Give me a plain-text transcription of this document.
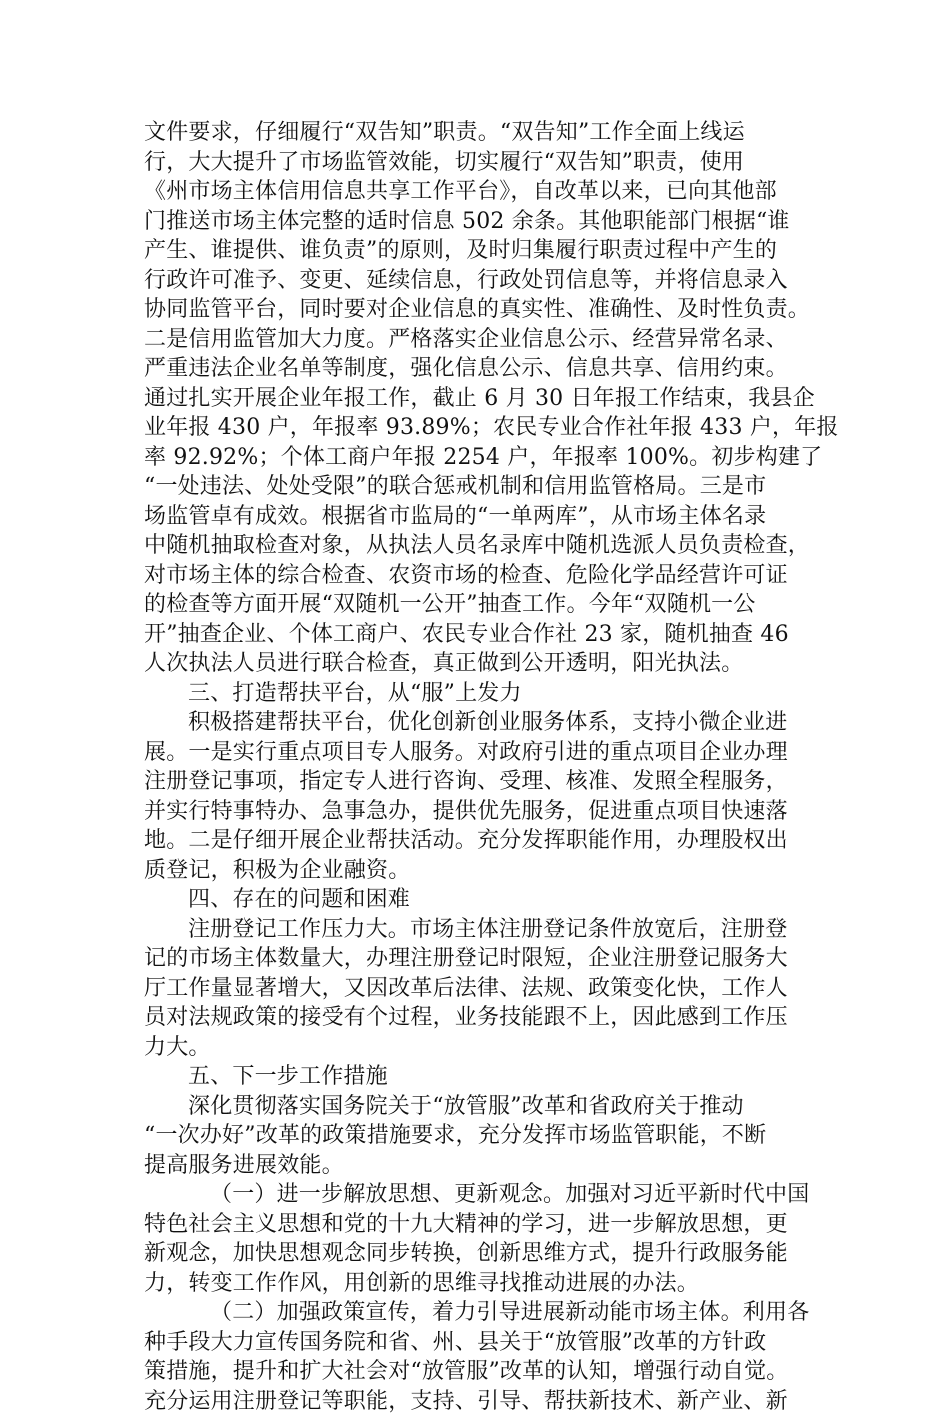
文件要求，仔细履行“双告知”职责。“双告知”工作全面上线运
行，大大提升了市场监管效能，切实履行“双告知”职责，使用
《州市场主体信用信息共享工作平台》，自改革以来，已向其他部
门推送市场主体完整的适时信息 502 余条。其他职能部门根据“谁
产生、谁提供、谁负责”的原则，及时归集履行职责过程中产生的
行政许可准予、变更、延续信息，行政处罚信息等，并将信息录入
协同监管平台，同时要对企业信息的真实性、准确性、及时性负责。
二是信用监管加大力度。严格落实企业信息公示、经营异常名录、
严重违法企业名单等制度，强化信息公示、信息共享、信用约束。
通过扎实开展企业年报工作，截止 6 月 30 日年报工作结束，我县企
业年报 430 户，年报率 93.89%；农民专业合作社年报 433 户，年报
率 92.92%；个体工商户年报 2254 户，年报率 100%。初步构建了
“一处违法、处处受限”的联合惩戒机制和信用监管格局。三是市
场监管卓有成效。根据省市监局的“一单两库”，从市场主体名录
中随机抽取检查对象，从执法人员名录库中随机选派人员负责检查，
对市场主体的综合检查、农资市场的检查、危险化学品经营许可证
的检查等方面开展“双随机一公开”抽查工作。今年“双随机一公
开”抽查企业、个体工商户、农民专业合作社 23 家，随机抽查 46
人次执法人员进行联合检查，真正做到公开透明，阳光执法。
三、打造帮扶平台，从“服”上发力
积极搭建帮扶平台，优化创新创业服务体系，支持小微企业进
展。一是实行重点项目专人服务。对政府引进的重点项目企业办理
注册登记事项，指定专人进行咨询、受理、核准、发照全程服务，
并实行特事特办、急事急办，提供优先服务，促进重点项目快速落
地。二是仔细开展企业帮扶活动。充分发挥职能作用，办理股权出
质登记，积极为企业融资。
四、存在的问题和困难
注册登记工作压力大。市场主体注册登记条件放宽后，注册登
记的市场主体数量大，办理注册登记时限短，企业注册登记服务大
厅工作量显著增大，又因改革后法律、法规、政策变化快，工作人
员对法规政策的接受有个过程，业务技能跟不上，因此感到工作压
力大。
五、下一步工作措施
深化贯彻落实国务院关于“放管服”改革和省政府关于推动
“一次办好”改革的政策措施要求，充分发挥市场监管职能，不断
提高服务进展效能。
（一）进一步解放思想、更新观念。加强对习近平新时代中国
特色社会主义思想和党的十九大精神的学习，进一步解放思想，更
新观念，加快思想观念同步转换，创新思维方式，提升行政服务能
力，转变工作作风，用创新的思维寻找推动进展的办法。
（二）加强政策宣传，着力引导进展新动能市场主体。利用各
种手段大力宣传国务院和省、州、县关于“放管服”改革的方针政
策措施，提升和扩大社会对“放管服”改革的认知，增强行动自觉。
充分运用注册登记等职能，支持、引导、帮扶新技术、新产业、新
